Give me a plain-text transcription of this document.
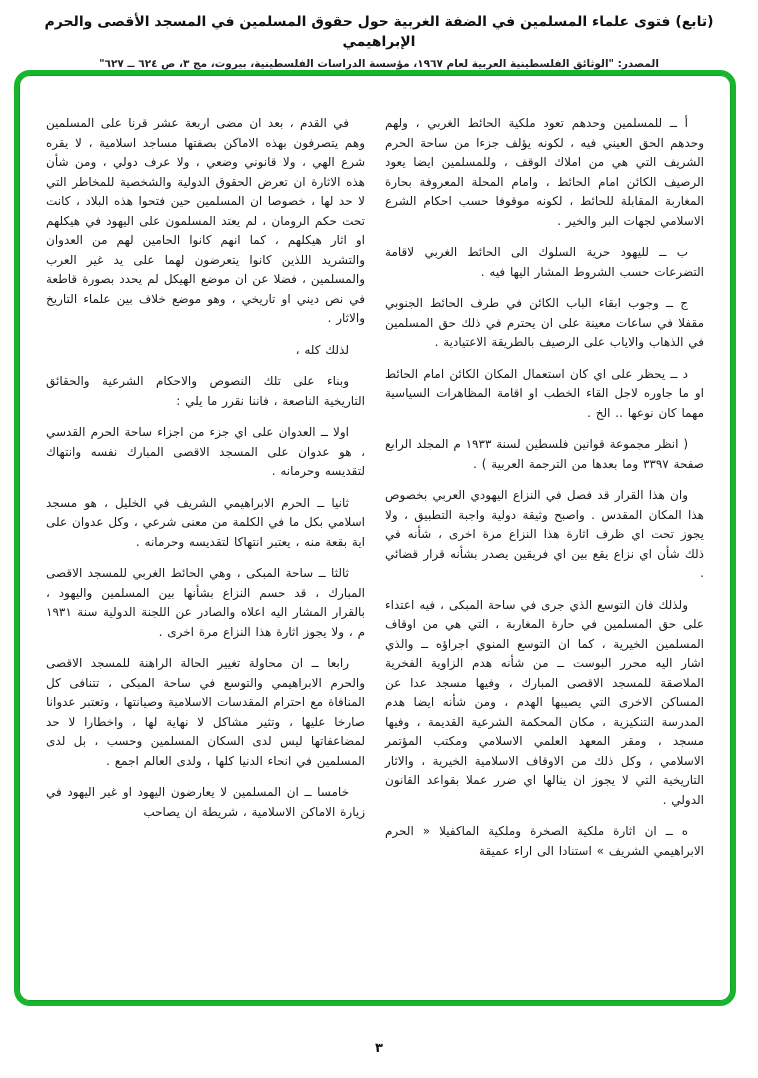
(تابع) فتوى علماء المسلمين في الضفة الغربية حول حقوق المسلمين في المسجد الأقصى والحرم الإبراهيمي
المصدر: "الوثائق الفلسطينية العربية لعام ١٩٦٧، مؤسسة الدراسات الفلسطينية، بيروت، مج ٣، ص ٦٢٤ ــ ٦٢٧"

أ ــ للمسلمين وحدهم تعود ملكية الحائط الغربي ، ولهم وحدهم الحق العيني فيه ، لكونه يؤلف جزءا من ساحة الحرم الشريف التي هي من املاك الوقف ، وللمسلمين ايضا يعود الرصيف الكائن امام الحائط ، وامام المحلة المعروفة بحارة المغاربة المقابلة للحائط ، لكونه موقوفا حسب احكام الشرع الاسلامي لجهات البر والخير .

ب ــ لليهود حرية السلوك الى الحائط الغربي لاقامة التضرعات حسب الشروط المشار اليها فيه .

ج ــ وجوب ابقاء الباب الكائن في طرف الحائط الجنوبي مقفلا في ساعات معينة على ان يحترم في ذلك حق المسلمين في الذهاب والاياب على الرصيف بالطريقة الاعتيادية .

د ــ يحظر على اي كان استعمال المكان الكائن امام الحائط او ما جاوره لاجل القاء الخطب او اقامة المظاهرات السياسية مهما كان نوعها .. الخ .

( انظر مجموعة قوانين فلسطين لسنة ١٩٣٣ م المجلد الرابع صفحة ٣٣٩٧ وما بعدها من الترجمة العربية ) .

وان هذا القرار قد فصل في النزاع اليهودي العربي بخصوص هذا المكان المقدس . واصبح وثيقة دولية واجبة التطبيق ، ولا يجوز تحت اي ظرف اثارة هذا النزاع مرة اخرى ، شأنه في ذلك شأن اي نزاع يقع بين اي فريقين يصدر بشأنه قرار قضائي .

ولذلك فان التوسع الذي جرى في ساحة المبكى ، فيه اعتداء على حق المسلمين في حارة المغاربة ، التي هي من اوقاف المسلمين الخيرية ، كما ان التوسع المنوي اجراؤه ــ والذي اشار اليه محرر البوست ــ من شأنه هدم الزاوية الفخرية الملاصقة للمسجد الاقصى المبارك ، وفيها مسجد عدا عن المساكن الاخرى التي يصيبها الهدم ، ومن شأنه ايضا هدم المدرسة التنكيزية ، مكان المحكمة الشرعية القديمة ، وفيها مسجد ، ومقر المعهد العلمي الاسلامي ومكتب المؤتمر الاسلامي ، وكل ذلك من الاوقاف الاسلامية الخيرية ، والاثار التاريخية التي لا يجوز ان ينالها اي ضرر عملا بقواعد القانون الدولي .

ه ــ ان اثارة ملكية الصخرة وملكية الماكفيلا « الحرم الابراهيمي الشريف » استنادا الى اراء عميقة

في القدم ، بعد ان مضى اربعة عشر قرنا على المسلمين وهم يتصرفون بهذه الاماكن بصفتها مساجد اسلامية ، لا يقره شرع الهي ، ولا قانوني وضعي ، ولا عرف دولي ، ومن شأن هذه الاثارة ان تعرض الحقوق الدولية والشخصية للمخاطر التي لا حد لها ، خصوصا ان المسلمين حين فتحوا هذه البلاد ، كانت تحت حكم الرومان ، لم يعتد المسلمون على اليهود في هيكلهم او اثار هيكلهم ، كما انهم كانوا الحامين لهم من العدوان والتشريد اللذين كانوا يتعرضون لهما على يد غير العرب والمسلمين ، فضلا عن ان موضع الهيكل لم يحدد بصورة قاطعة في نص ديني او تاريخي ، وهو موضع خلاف بين علماء التاريخ والاثار .

لذلك كله ،

وبناء على تلك النصوص والاحكام الشرعية والحقائق التاريخية الناصعة ، فاننا نقرر ما يلي :

اولا ــ العدوان على اي جزء من اجزاء ساحة الحرم القدسي ، هو عدوان على المسجد الاقصى المبارك نفسه وانتهاك لتقديسه وحرمانه .

ثانيا ــ الحرم الابراهيمي الشريف في الخليل ، هو مسجد اسلامي بكل ما في الكلمة من معنى شرعي ، وكل عدوان على اية بقعة منه ، يعتبر انتهاكا لتقديسه وحرمانه .

ثالثا ــ ساحة المبكى ، وهي الحائط الغربي للمسجد الاقصى المبارك ، قد حسم النزاع بشأنها بين المسلمين واليهود ، بالقرار المشار اليه اعلاه والصادر عن اللجنة الدولية سنة ١٩٣١ م ، ولا يجوز اثارة هذا النزاع مرة اخرى .

رابعا ــ ان محاولة تغيير الحالة الراهنة للمسجد الاقصى والحرم الابراهيمي والتوسع في ساحة المبكى ، تتنافى كل المنافاة مع احترام المقدسات الاسلامية وصيانتها ، وتعتبر عدوانا صارخا عليها ، وتثير مشاكل لا نهاية لها ، واخطارا لا حد لمضاعفاتها ليس لدى السكان المسلمين وحسب ، بل لدى المسلمين في انحاء الدنيا كلها ، ولدى العالم اجمع .

خامسا ــ ان المسلمين لا يعارضون اليهود او غير اليهود في زيارة الاماكن الاسلامية ، شريطة ان يصاحب

٣
